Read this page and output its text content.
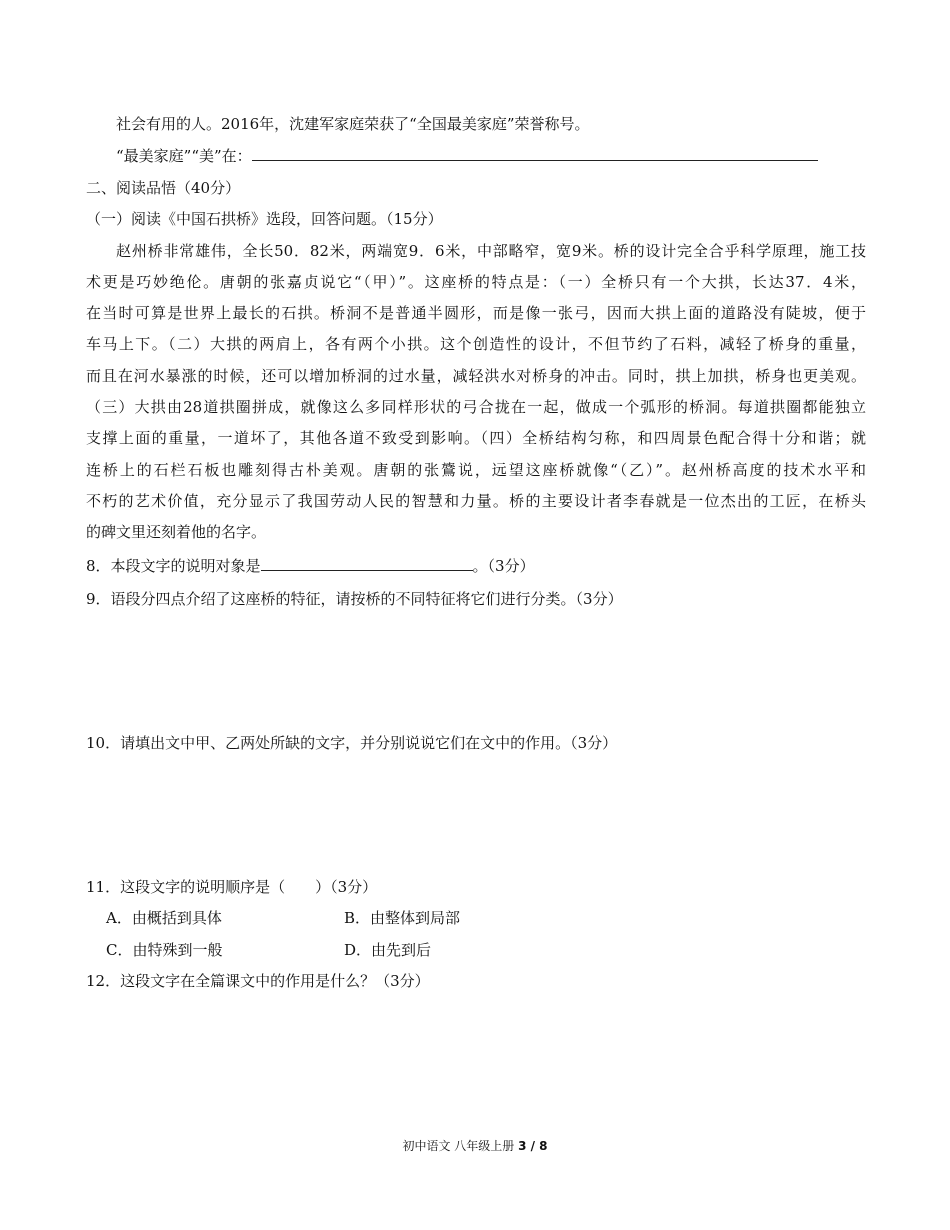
社会有用的人。2016年，沈建军家庭荣获了“全国最美家庭”荣誉称号。
“最美家庭”“美”在：
二、阅读品悟（40分）
（一）阅读《中国石拱桥》选段，回答问题。（15分）
赵州桥非常雄伟，全长50．82米，两端宽9．6米，中部略窄，宽9米。桥的设计完全合乎科学原理，施工技
术更是巧妙绝伦。唐朝的张嘉贞说它“（甲）”。这座桥的特点是：（一）全桥只有一个大拱，长达37．4米，
在当时可算是世界上最长的石拱。桥洞不是普通半圆形，而是像一张弓，因而大拱上面的道路没有陡坡，便于
车马上下。（二）大拱的两肩上，各有两个小拱。这个创造性的设计，不但节约了石料，减轻了桥身的重量，
而且在河水暴涨的时候，还可以增加桥洞的过水量，减轻洪水对桥身的冲击。同时，拱上加拱，桥身也更美观。
（三）大拱由28道拱圈拼成，就像这么多同样形状的弓合拢在一起，做成一个弧形的桥洞。每道拱圈都能独立
支撑上面的重量，一道坏了，其他各道不致受到影响。（四）全桥结构匀称，和四周景色配合得十分和谐；就
连桥上的石栏石板也雕刻得古朴美观。唐朝的张鷟说，远望这座桥就像“（乙）”。赵州桥高度的技术水平和
不朽的艺术价值，充分显示了我国劳动人民的智慧和力量。桥的主要设计者李春就是一位杰出的工匠，在桥头
的碑文里还刻着他的名字。
8．本段文字的说明对象是	。（3分）
9．语段分四点介绍了这座桥的特征，请按桥的不同特征将它们进行分类。（3分）
10．请填出文中甲、乙两处所缺的文字，并分别说说它们在文中的作用。（3分）
11．这段文字的说明顺序是（　　）（3分）
A．由概括到具体	B．由整体到局部
C．由特殊到一般	D．由先到后
12．这段文字在全篇课文中的作用是什么？（3分）
初中语文 八年级上册 3 / 8
